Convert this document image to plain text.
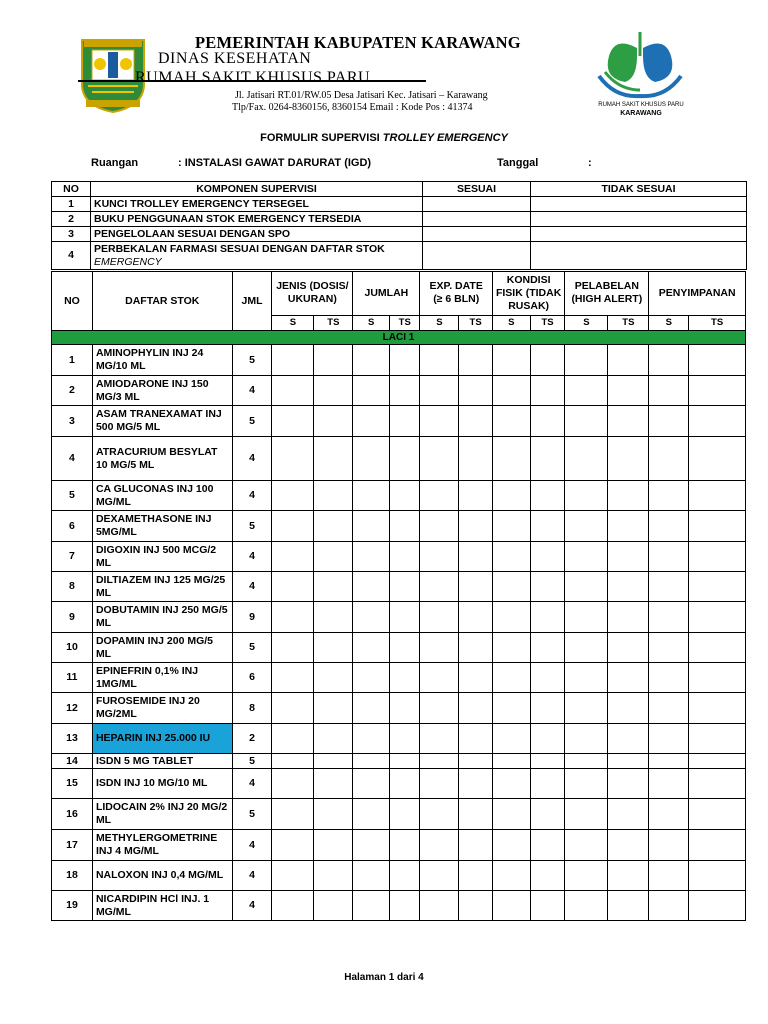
PEMERINTAH KABUPATEN KARAWANG
DINAS KESEHATAN
RUMAH SAKIT KHUSUS PARU
Jl. Jatisari RT.01/RW.05 Desa Jatisari Kec. Jatisari – Karawang
Tlp/Fax. 0264-8360156, 8360154 Email : Kode Pos : 41374	RUMAH SAKIT KHUSUS PARU
KARAWANG
FORMULIR SUPERVISI TROLLEY EMERGENCY
Ruangan	: INSTALASI GAWAT DARURAT (IGD)	Tanggal	:
NO	KOMPONEN SUPERVISI	SESUAI	TIDAK SESUAI
1	KUNCI TROLLEY EMERGENCY TERSEGEL		
2	BUKU PENGGUNAAN STOK EMERGENCY TERSEDIA		
3	PENGELOLAAN SESUAI DENGAN SPO		
4	PERBEKALAN FARMASI SESUAI DENGAN DAFTAR STOK
EMERGENCY		
NO	DAFTAR STOK	JML	JENIS (DOSIS/ UKURAN)		JUMLAH		EXP. DATE (≥ 6 BLN)		KONDISI FISIK (TIDAK RUSAK)		PELABELAN (HIGH ALERT)		PENYIMPANAN	
			S	TS	S	TS	S	TS	S	TS	S	TS	S	TS
LACI 1														
1	AMINOPHYLIN INJ 24 MG/10 ML	5												
2	AMIODARONE INJ 150 MG/3 ML	4												
3	ASAM TRANEXAMAT INJ 500 MG/5 ML	5												
4	ATRACURIUM BESYLAT 10 MG/5 ML	4												
5	CA GLUCONAS INJ 100 MG/ML	4												
6	DEXAMETHASONE INJ 5MG/ML	5												
7	DIGOXIN INJ 500 MCG/2 ML	4												
8	DILTIAZEM INJ 125 MG/25 ML	4												
9	DOBUTAMIN INJ 250 MG/5 ML	9												
10	DOPAMIN INJ 200 MG/5 ML	5												
11	EPINEFRIN 0,1% INJ 1MG/ML	6												
12	FUROSEMIDE INJ 20 MG/2ML	8												
13	HEPARIN INJ 25.000 IU	2												
14	ISDN 5 MG TABLET	5												
15	ISDN INJ 10 MG/10 ML	4												
16	LIDOCAIN 2% INJ 20 MG/2 ML	5												
17	METHYLERGOMETRINE INJ 4 MG/ML	4												
18	NALOXON INJ 0,4 MG/ML	4												
19	NICARDIPIN HCl INJ. 1 MG/ML	4												
Halaman 1 dari 4
